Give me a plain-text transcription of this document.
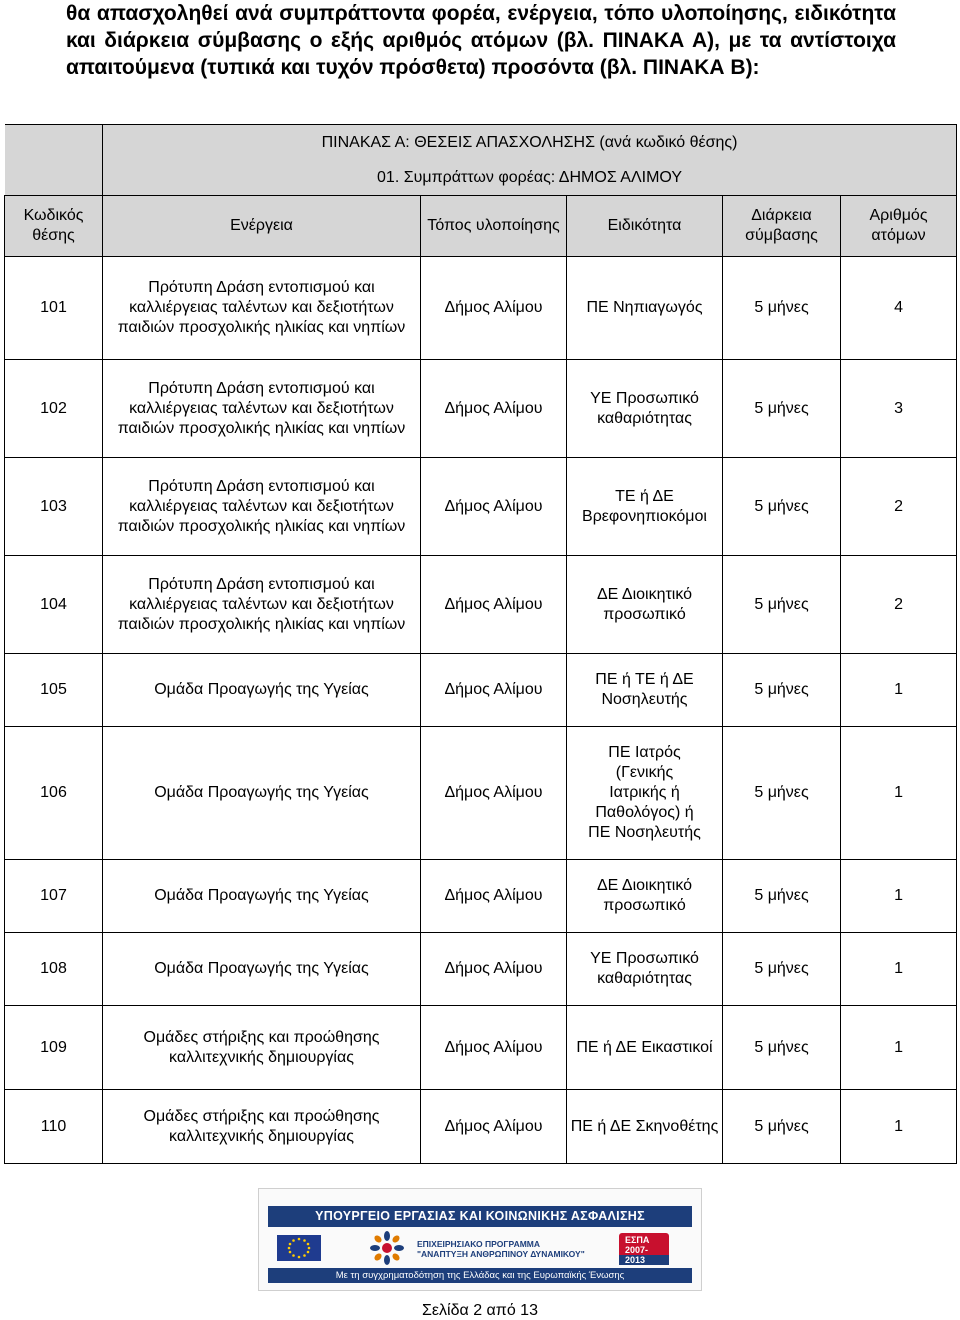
θα απασχοληθεί ανά συμπράττοντα φορέα, ενέργεια, τόπο υλοποίησης, ειδικότητα και διάρκεια σύμβασης ο εξής αριθμός ατόμων (βλ. ΠΙΝΑΚΑ Α), με τα αντίστοιχα απαιτούμενα (τυπικά και τυχόν πρόσθετα) προσόντα (βλ. ΠΙΝΑΚΑ Β):
	ΠΙΝΑΚΑΣ Α: ΘΕΣΕΙΣ ΑΠΑΣΧΟΛΗΣΗΣ (ανά κωδικό θέσης)				
	01. Συμπράττων φορέας: ΔΗΜΟΣ ΑΛΙΜΟΥ				
Κωδικός θέσης	Ενέργεια	Τόπος υλοποίησης	Ειδικότητα	Διάρκεια σύμβασης	Αριθμός ατόμων
101	Πρότυπη Δράση εντοπισμού και καλλιέργειας ταλέντων και δεξιοτήτων παιδιών προσχολικής ηλικίας και νηπίων	Δήμος Αλίμου	ΠΕ Νηπιαγωγός	5 μήνες	4
102	Πρότυπη Δράση εντοπισμού και καλλιέργειας ταλέντων και δεξιοτήτων παιδιών προσχολικής ηλικίας και νηπίων	Δήμος Αλίμου	ΥΕ Προσωπικό καθαριότητας	5 μήνες	3
103	Πρότυπη Δράση εντοπισμού και καλλιέργειας ταλέντων και δεξιοτήτων παιδιών προσχολικής ηλικίας και νηπίων	Δήμος Αλίμου	ΤΕ ή ΔΕ Βρεφονηπιοκόμοι	5 μήνες	2
104	Πρότυπη Δράση εντοπισμού και καλλιέργειας ταλέντων και δεξιοτήτων παιδιών προσχολικής ηλικίας και νηπίων	Δήμος Αλίμου	ΔΕ Διοικητικό προσωπικό	5 μήνες	2
105	Ομάδα Προαγωγής της Υγείας	Δήμος Αλίμου	ΠΕ ή ΤΕ ή ΔΕ Νοσηλευτής	5 μήνες	1
106	Ομάδα Προαγωγής της Υγείας	Δήμος Αλίμου	ΠΕ Ιατρός (Γενικής Ιατρικής ή Παθολόγος) ή ΠΕ Νοσηλευτής	5 μήνες	1
107	Ομάδα Προαγωγής της Υγείας	Δήμος Αλίμου	ΔΕ Διοικητικό προσωπικό	5 μήνες	1
108	Ομάδα Προαγωγής της Υγείας	Δήμος Αλίμου	ΥΕ Προσωπικό καθαριότητας	5 μήνες	1
109	Ομάδες στήριξης και προώθησης καλλιτεχνικής δημιουργίας	Δήμος Αλίμου	ΠΕ ή ΔΕ Εικαστικοί	5 μήνες	1
110	Ομάδες στήριξης και προώθησης καλλιτεχνικής δημιουργίας	Δήμος Αλίμου	ΠΕ ή ΔΕ Σκηνοθέτης	5 μήνες	1
ΥΠΟΥΡΓΕΙΟ ΕΡΓΑΣΙΑΣ ΚΑΙ ΚΟΙΝΩΝΙΚΗΣ ΑΣΦΑΛΙΣΗΣ
ΕΠΙΧΕΙΡΗΣΙΑΚΟ ΠΡΟΓΡΑΜΜΑ
"ΑΝΑΠΤΥΞΗ ΑΝΘΡΩΠΙΝΟΥ ΔΥΝΑΜΙΚΟΥ"
ΕΣΠΑ 2007-2013
Με τη συγχρηματοδότηση της Ελλάδας και της Ευρωπαϊκής Ένωσης
Σελίδα 2 από 13
